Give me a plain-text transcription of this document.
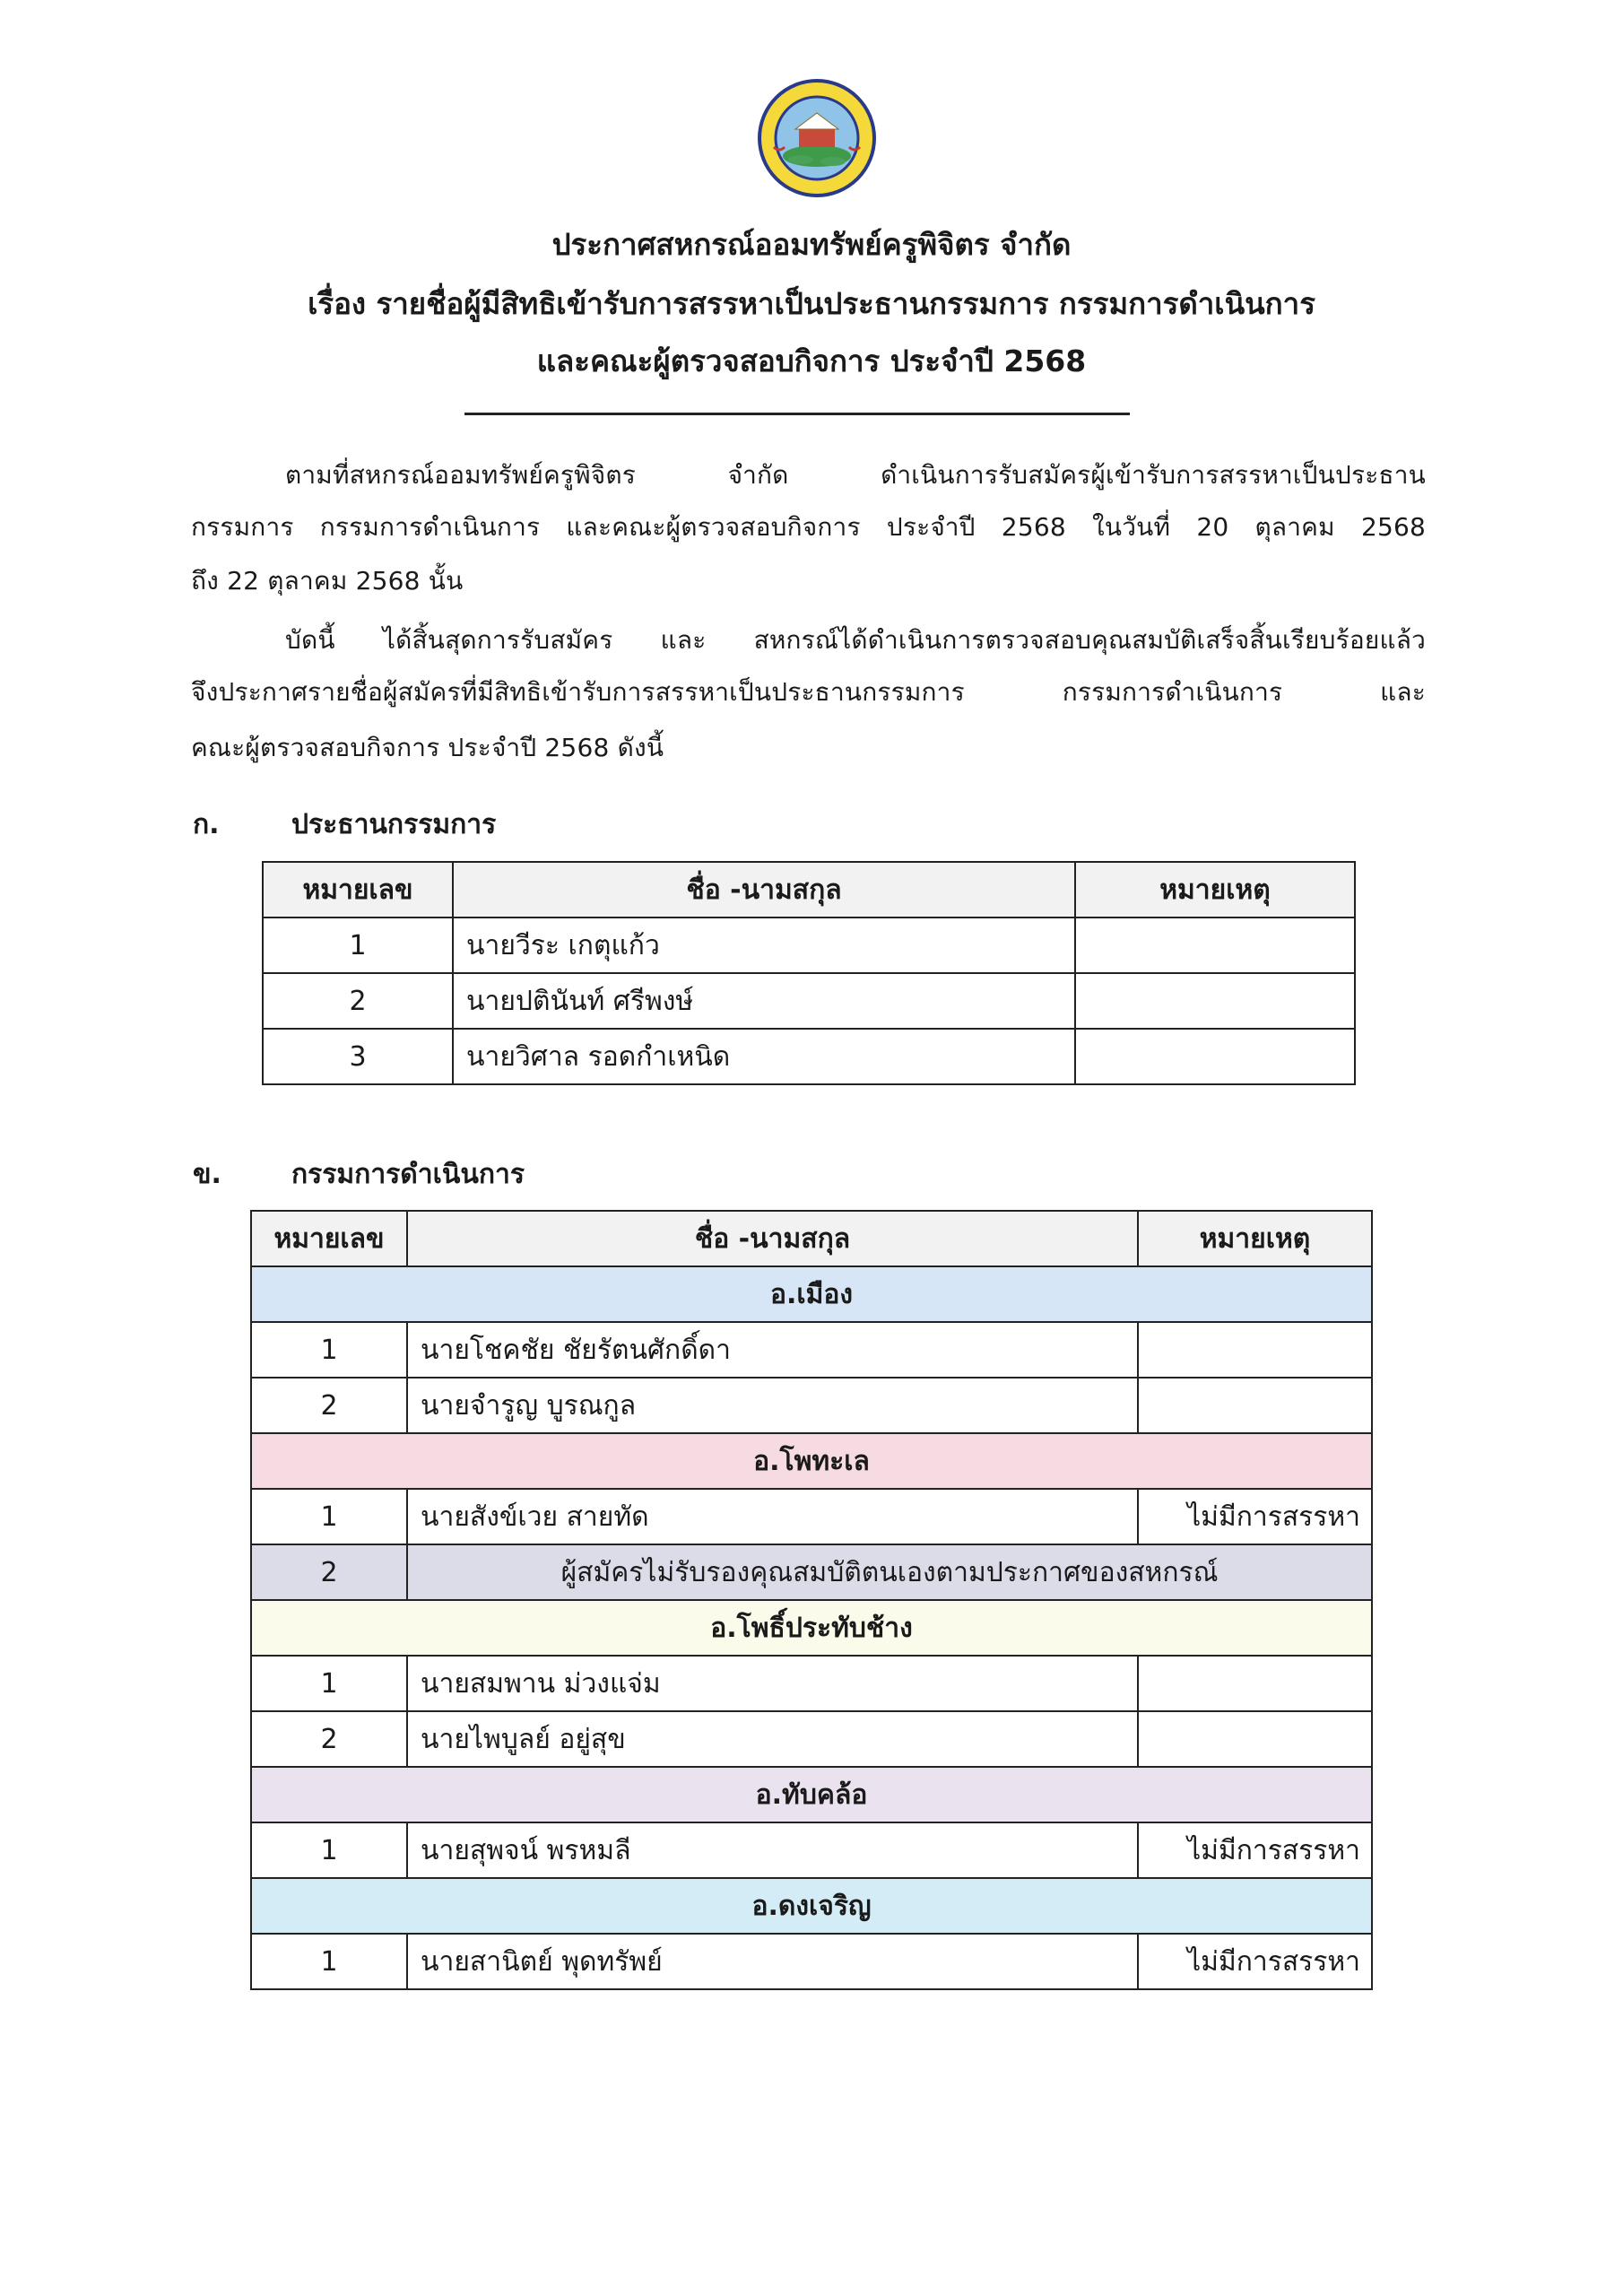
ประกาศสหกรณ์ออมทรัพย์ครูพิจิตร จำกัด
เรื่อง รายชื่อผู้มีสิทธิเข้ารับการสรรหาเป็นประธานกรรมการ กรรมการดำเนินการ
และคณะผู้ตรวจสอบกิจการ ประจำปี 2568
ตามที่สหกรณ์ออมทรัพย์ครูพิจิตร จำกัด ดำเนินการรับสมัครผู้เข้ารับการสรรหาเป็นประธาน
กรรมการ กรรมการดำเนินการ และคณะผู้ตรวจสอบกิจการ ประจำปี 2568 ในวันที่ 20 ตุลาคม 2568
ถึง 22 ตุลาคม 2568 นั้น
บัดนี้ ได้สิ้นสุดการรับสมัคร และ สหกรณ์ได้ดำเนินการตรวจสอบคุณสมบัติเสร็จสิ้นเรียบร้อยแล้ว
จึงประกาศรายชื่อผู้สมัครที่มีสิทธิเข้ารับการสรรหาเป็นประธานกรรมการ กรรมการดำเนินการ และ
คณะผู้ตรวจสอบกิจการ ประจำปี 2568 ดังนี้
ก.	ประธานกรรมการ
หมายเลข	ชื่อ -นามสกุล	หมายเหตุ
1	นายวีระ เกตุแก้ว	
2	นายปตินันท์ ศรีพงษ์	
3	นายวิศาล รอดกำเหนิด	
ข.	กรรมการดำเนินการ
หมายเลข	ชื่อ -นามสกุล	หมายเหตุ
อ.เมือง		
1	นายโชคชัย ชัยรัตนศักดิ์ดา	
2	นายจำรูญ บูรณกูล	
อ.โพทะเล		
1	นายสังข์เวย สายทัด	ไม่มีการสรรหา
2	ผู้สมัครไม่รับรองคุณสมบัติตนเองตามประกาศของสหกรณ์	
อ.โพธิ์ประทับช้าง		
1	นายสมพาน ม่วงแจ่ม	
2	นายไพบูลย์ อยู่สุข	
อ.ทับคล้อ		
1	นายสุพจน์ พรหมลี	ไม่มีการสรรหา
อ.ดงเจริญ		
1	นายสานิตย์ พุดทรัพย์	ไม่มีการสรรหา
